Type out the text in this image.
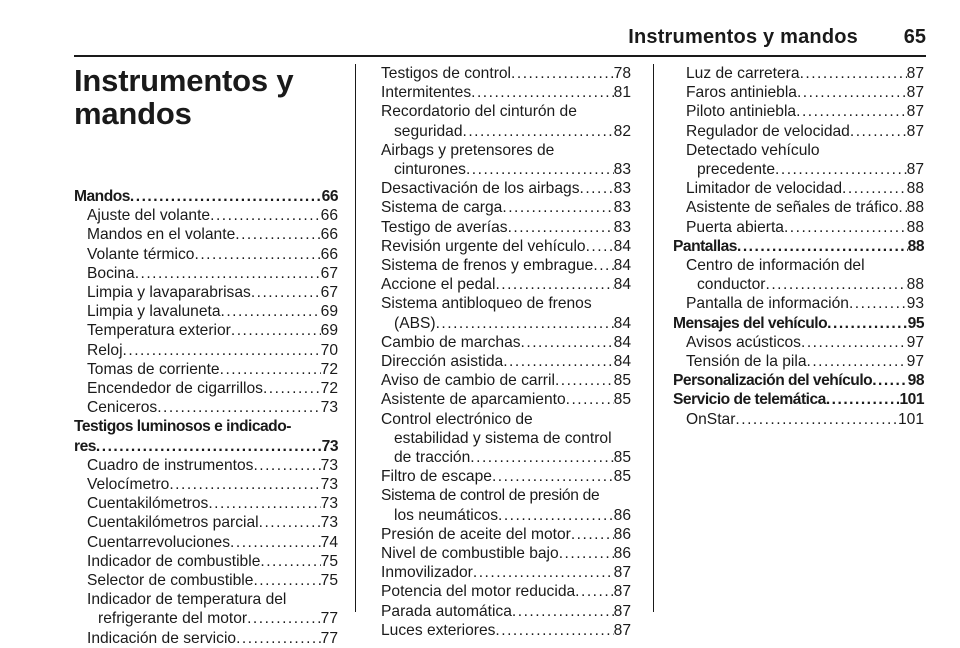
Instrumentos y mandos 65
Instrumentos y
mandos
Mandos .....	66
Ajuste del volante .....	66
Mandos en el volante .....	66
Volante térmico .....	66
Bocina .....	67
Limpia y lavaparabrisas .....	67
Limpia y lavaluneta .....	69
Temperatura exterior .....	69
Reloj .....	70
Tomas de corriente .....	72
Encendedor de cigarrillos .....	72
Ceniceros .....	73
Testigos luminosos e indicado-
res .....	73
Cuadro de instrumentos .....	73
Velocímetro .....	73
Cuentakilómetros .....	73
Cuentakilómetros parcial .....	73
Cuentarrevoluciones .....	74
Indicador de combustible .....	75
Selector de combustible .....	75
Indicador de temperatura del
refrigerante del motor .....	77
Indicación de servicio .....	77
Testigos de control .....	78
Intermitentes .....	81
Recordatorio del cinturón de
seguridad .....	82
Airbags y pretensores de
cinturones .....	83
Desactivación de los airbags ..... 83
Sistema de carga .....	83
Testigo de averías .....	83
Revisión urgente del vehículo ..... 84
Sistema de frenos y embrague ..... 84
Accione el pedal .....	84
Sistema antibloqueo de frenos
(ABS) .....	84
Cambio de marchas .....	84
Dirección asistida .....	84
Aviso de cambio de carril .....	85
Asistente de aparcamiento .....	85
Control electrónico de
estabilidad y sistema de control
de tracción .....	85
Filtro de escape .....	85
Sistema de control de presión de
los neumáticos .....	86
Presión de aceite del motor .....	86
Nivel de combustible bajo .....	86
Inmovilizador .....	87
Potencia del motor reducida ..... 87
Parada automática .....	87
Luces exteriores .....	87
Luz de carretera .....	87
Faros antiniebla .....	87
Piloto antiniebla .....	87
Regulador de velocidad .....	87
Detectado vehículo
precedente .....	87
Limitador de velocidad .....	88
Asistente de señales de tráfico ..... 88
Puerta abierta .....	88
Pantallas .....	88
Centro de información del
conductor .....	88
Pantalla de información .....	93
Mensajes del vehículo .....	95
Avisos acústicos .....	97
Tensión de la pila .....	97
Personalización del vehículo ..... 98
Servicio de telemática .....	101
OnStar .....	101
